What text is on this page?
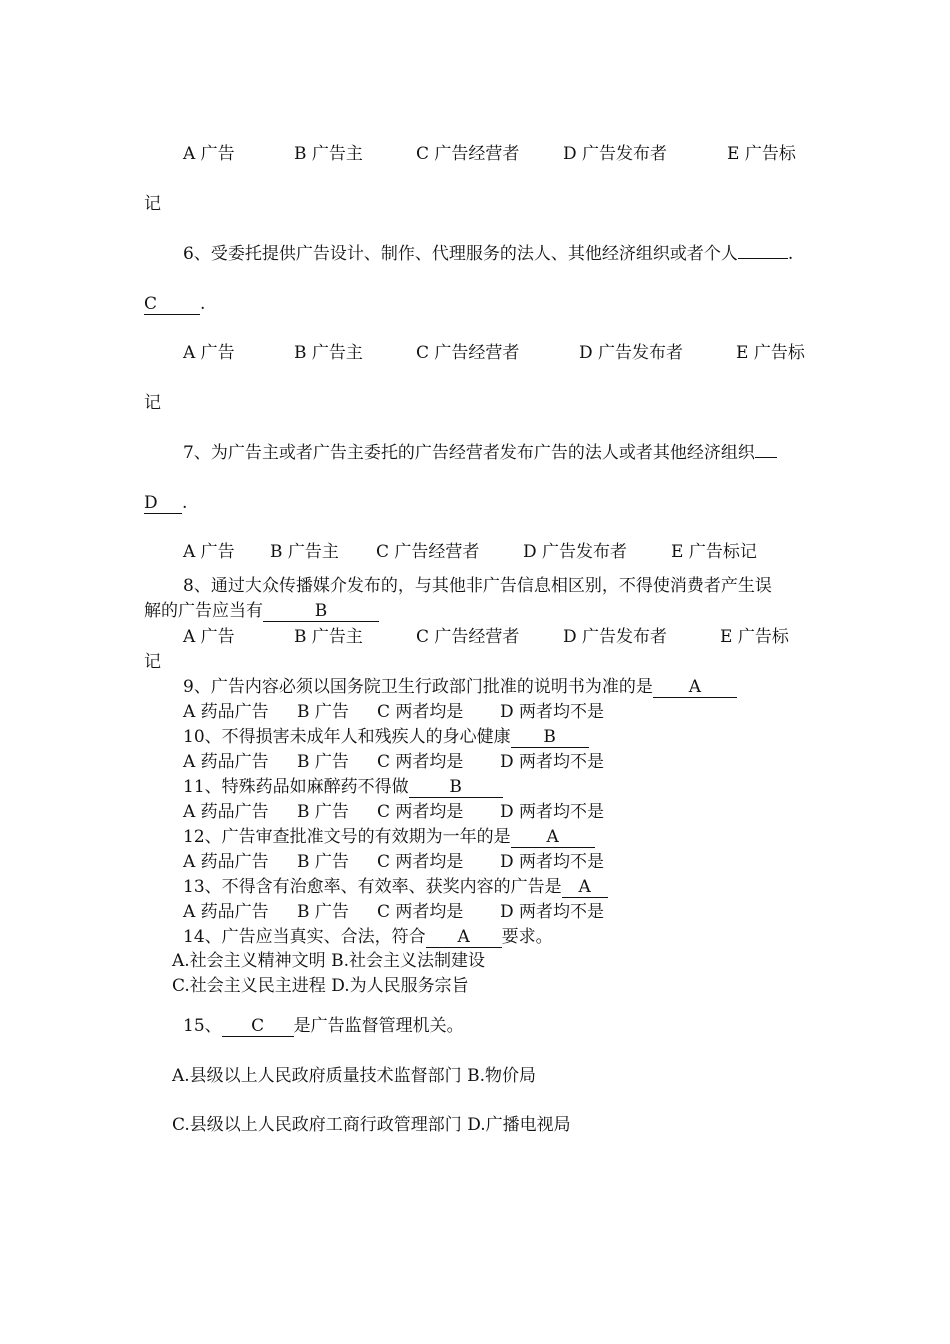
A 广告	B 广告主	C 广告经营者	D 广告发布者	E 广告标
记
6、受委托提供广告设计、制作、代理服务的法人、其他经济组织或者个人	.
C	.
A 广告	B 广告主	C 广告经营者	D 广告发布者	E 广告标
记
7、为广告主或者广告主委托的广告经营者发布广告的法人或者其他经济组织
D .
A 广告 B 广告主 C 广告经营者	D 广告发布者	E 广告标记
8、通过大众传播媒介发布的，与其他非广告信息相区别，不得使消费者产生误
解的广告应当有	B
A 广告	B 广告主	C 广告经营者	D 广告发布者	E 广告标
记
9、广告内容必须以国务院卫生行政部门批准的说明书为准的是 A
A 药品广告 B 广告 C 两者均是 D 两者均不是
10、不得损害未成年人和残疾人的身心健康 B
A 药品广告 B 广告 C 两者均是 D 两者均不是
11、特殊药品如麻醉药不得做 B
A 药品广告 B 广告 C 两者均是 D 两者均不是
12、广告审查批准文号的有效期为一年的是 A
A 药品广告 B 广告 C 两者均是 D 两者均不是
13、不得含有治愈率、有效率、获奖内容的广告是 A
A 药品广告 B 广告 C 两者均是 D 两者均不是
14、广告应当真实、合法，符合 A 要求。
A.社会主义精神文明 B.社会主义法制建设
C.社会主义民主进程 D.为人民服务宗旨
15、 C 是广告监督管理机关。
A.县级以上人民政府质量技术监督部门 B.物价局
C.县级以上人民政府工商行政管理部门 D.广播电视局
